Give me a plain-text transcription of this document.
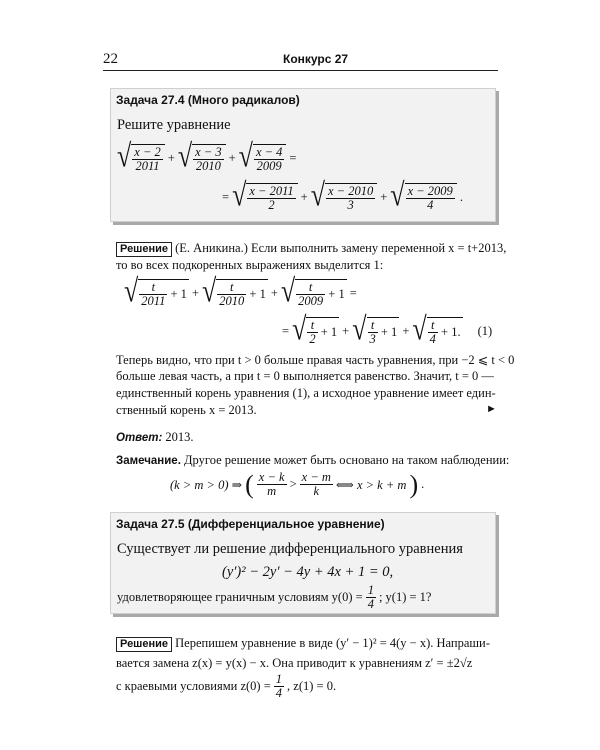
22	Конкурс 27
Задача 27.4 (Много радикалов)
Решите уравнение
√ $\frac{x - 2}{2011}$ + √ $\frac{x - 3}{2010}$ + √ $\frac{x - 4}{2009}$ =
= √ $\frac{x - 2011}{2}$ + √ $\frac{x - 2010}{3}$ + √ $\frac{x - 2009}{4}$ .
Решение (Е. Аникина.) Если выполнить замену переменной x = t+2013,
то во всех подкоренных выражениях выделится 1:
√ $\frac{t}{2011} + 1$ + √ $\frac{t}{2010} + 1$ + √ $\frac{t}{2009} + 1$ =
= √ $\frac{t}{2} + 1$ + √ $\frac{t}{3} + 1$ + √ $\frac{t}{4} + 1$. (1)
Теперь видно, что при t > 0 больше правая часть уравнения, при −2 ⩽ t < 0
больше левая часть, а при t = 0 выполняется равенство. Значит, t = 0 —
единственный корень уравнения (1), а исходное уравнение имеет един-
ственный корень x = 2013.	►
Ответ: 2013.
Замечание. Другое решение может быть основано на таком наблюдении:
(k > m > 0) ⇒ ( $\frac{x - k}{m} > \frac{x - m}{k}$ ⟺ x > k + m ) .
Задача 27.5 (Дифференциальное уравнение)
Существует ли решение дифференциального уравнения
(y′)² − 2y′ − 4y + 4x + 1 = 0,
удовлетворяющее граничным условиям $y(0) = \frac{1}{4}$ ; y(1) = 1?
Решение Перепишем уравнение в виде (y′ − 1)² = 4(y − x). Напраши-
вается замена z(x) = y(x) − x. Она приводит к уравнениям z′ = ±2√z
с краевыми условиями $z(0) = \frac{1}{4}$ , z(1) = 0.
